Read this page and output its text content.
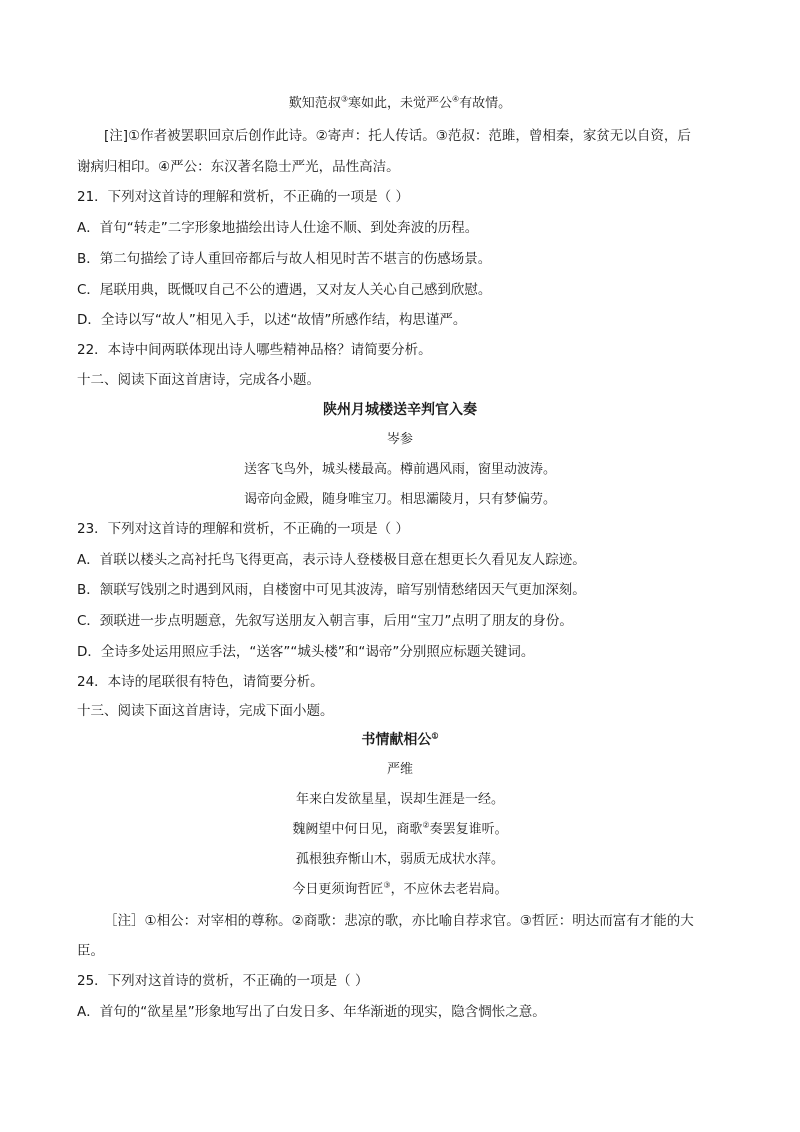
歎知范叔③寒如此，未觉严公④有故情。
[注]①作者被罢职回京后创作此诗。②寄声：托人传话。③范叔：范雎，曾相秦，家贫无以自资，后
谢病归相印。④严公：东汉著名隐士严光，品性高洁。
21．下列对这首诗的理解和赏析，不正确的一项是（ ）
A．首句“转走”二字形象地描绘出诗人仕途不顺、到处奔波的历程。
B．第二句描绘了诗人重回帝都后与故人相见时苦不堪言的伤感场景。
C．尾联用典，既慨叹自己不公的遭遇，又对友人关心自己感到欣慰。
D．全诗以写“故人”相见入手，以述“故情”所感作结，构思谨严。
22．本诗中间两联体现出诗人哪些精神品格？请简要分析。
十二、阅读下面这首唐诗，完成各小题。
陕州月城楼送辛判官入奏
岑参
送客飞鸟外，城头楼最高。樽前遇风雨，窗里动波涛。
谒帝向金殿，随身唯宝刀。相思灞陵月，只有梦偏劳。
23．下列对这首诗的理解和赏析，不正确的一项是（ ）
A．首联以楼头之高衬托鸟飞得更高，表示诗人登楼极目意在想更长久看见友人踪迹。
B．颔联写饯别之时遇到风雨，自楼窗中可见其波涛，暗写别情愁绪因天气更加深刻。
C．颈联进一步点明题意，先叙写送朋友入朝言事，后用“宝刀”点明了朋友的身份。
D．全诗多处运用照应手法，“送客”“城头楼”和“谒帝”分别照应标题关键词。
24．本诗的尾联很有特色，请简要分析。
十三、阅读下面这首唐诗，完成下面小题。
书情献相公①
严维
年来白发欲星星，误却生涯是一经。
魏阙望中何日见，商歌②奏罢复谁听。
孤根独弃惭山木，弱质无成状水萍。
今日更须询哲匠③，不应休去老岩扃。
［注］①相公：对宰相的尊称。②商歌：悲凉的歌，亦比喻自荐求官。③哲匠：明达而富有才能的大
臣。
25．下列对这首诗的赏析，不正确的一项是（ ）
A．首句的“欲星星”形象地写出了白发日多、年华渐逝的现实，隐含惆怅之意。
